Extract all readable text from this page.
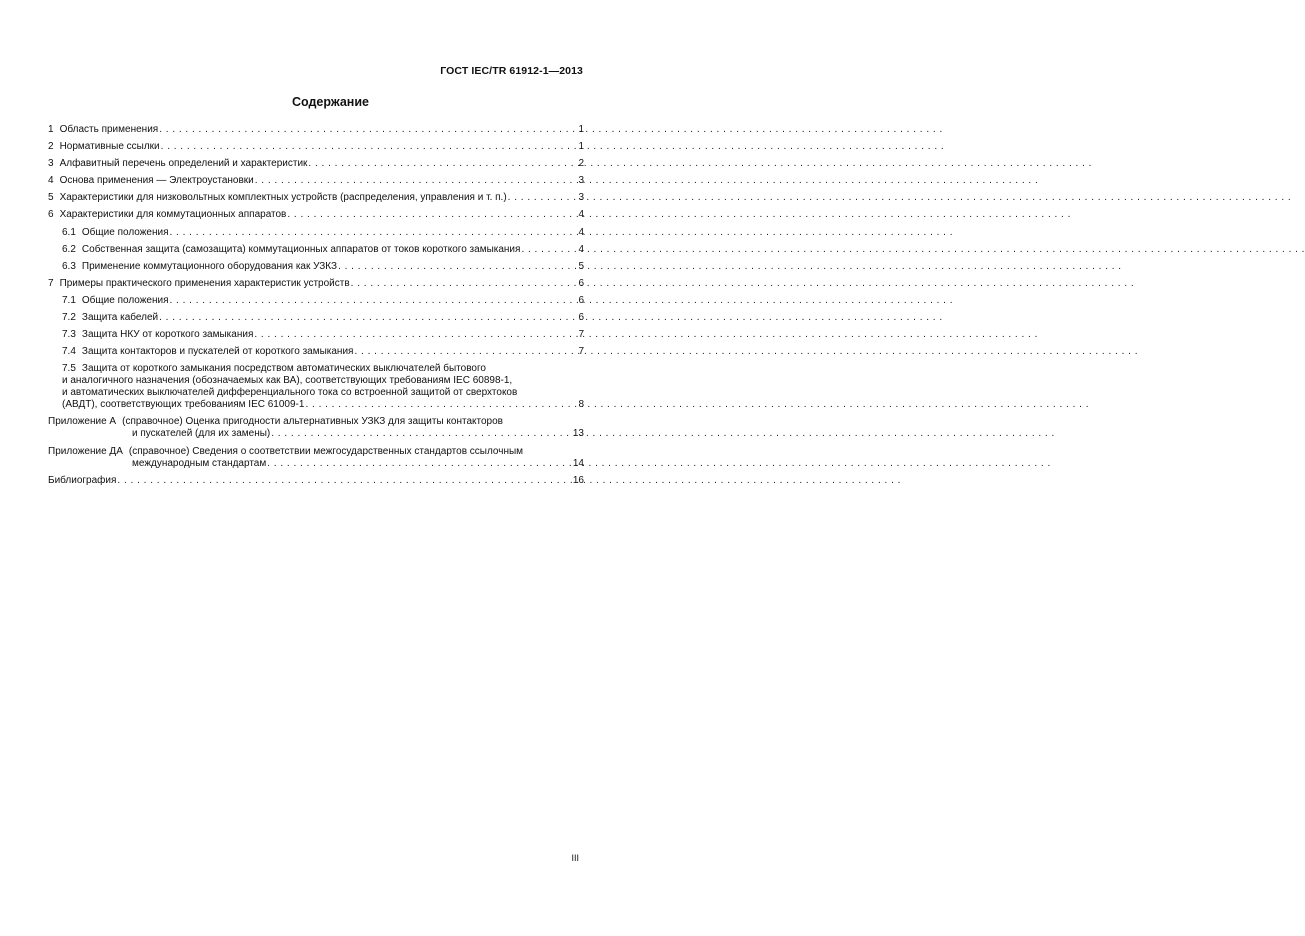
ГОСТ IEC/TR 61912-1—2013
Содержание
1 Область применения . . .	1
2 Нормативные ссылки . . .	1
3 Алфавитный перечень определений и характеристик . . .	2
4 Основа применения — Электроустановки . . .	3
5 Характеристики для низковольтных комплектных устройств (распределения, управления и т. п.) . . .	3
6 Характеристики для коммутационных аппаратов . . .	4
6.1 Общие положения . . .	4
6.2 Собственная защита (самозащита) коммутационных аппаратов от токов короткого замыкания . . .	4
6.3 Применение коммутационного оборудования как УЗКЗ . . .	5
7 Примеры практического применения характеристик устройств . . .	6
7.1 Общие положения . . .	6
7.2 Защита кабелей . . .	6
7.3 Защита НКУ от короткого замыкания . . .	7
7.4 Защита контакторов и пускателей от короткого замыкания . . .	7
7.5 Защита от короткого замыкания посредством автоматических выключателей бытового
и аналогичного назначения (обозначаемых как ВА), соответствующих требованиям IEC 60898-1,
и автоматических выключателей дифференциального тока со встроенной защитой от сверхтоков
(АВДТ), соответствующих требованиям IEC 61009-1 . . .	8
Приложение А (справочное) Оценка пригодности альтернативных УЗКЗ для защиты контакторов
и пускателей (для их замены) . . .	13
Приложение ДА (справочное) Сведения о соответствии межгосударственных стандартов ссылочным
международным стандартам . . .	14
Библиография . . .	16
III
